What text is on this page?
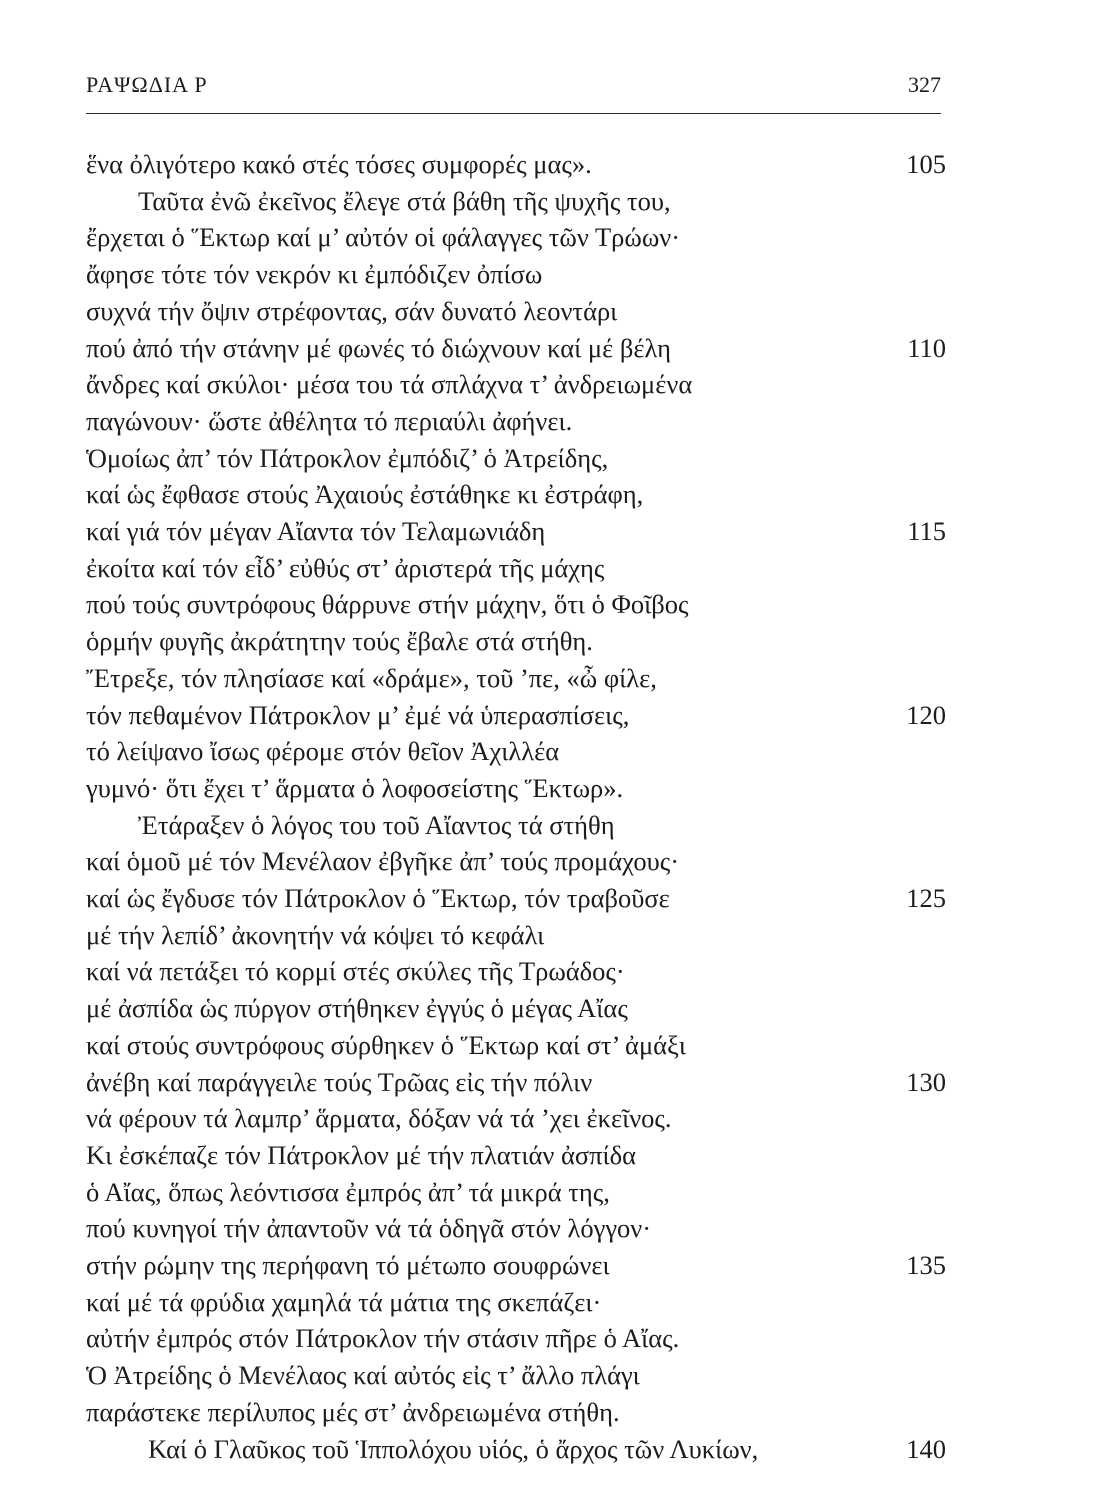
ΡΑΨΩΔΙΑ Ρ	327
ἕνα ὀλιγότερο κακό στές τόσες συμφορές μας».	105
Ταῦτα ἐνῶ ἐκεῖνος ἔλεγε στά βάθη τῆς ψυχῆς του,
ἔρχεται ὁ Ἕκτωρ καί μ’ αὐτόν οἱ φάλαγγες τῶν Τρώων·
ἄφησε τότε τόν νεκρόν κι ἐμπόδιζεν ὀπίσω
συχνά τήν ὄψιν στρέφοντας, σάν δυνατό λεοντάρι
πού ἀπό τήν στάνην μέ φωνές τό διώχνουν καί μέ βέλη	110
ἄνδρες καί σκύλοι· μέσα του τά σπλάχνα τ’ ἀνδρειωμένα
παγώνουν· ὥστε ἀθέλητα τό περιαύλι ἀφήνει.
Ὁμοίως ἀπ’ τόν Πάτροκλον ἐμπόδιζ’ ὁ Ἀτρείδης,
καί ὡς ἔφθασε στούς Ἀχαιούς ἐστάθηκε κι ἐστράφη,
καί γιά τόν μέγαν Αἴαντα τόν Τελαμωνιάδη	115
ἐκοίτα καί τόν εἶδ’ εὐθύς στ’ ἀριστερά τῆς μάχης
πού τούς συντρόφους θάρρυνε στήν μάχην, ὅτι ὁ Φοῖβος
ὁρμήν φυγῆς ἀκράτητην τούς ἔβαλε στά στήθη.
Ἔτρεξε, τόν πλησίασε καί «δράμε», τοῦ ’πε, «ὦ φίλε,
τόν πεθαμένον Πάτροκλον μ’ ἐμέ νά ὑπερασπίσεις,	120
τό λείψανο ἴσως φέρομε στόν θεῖον Ἀχιλλέα
γυμνό· ὅτι ἔχει τ’ ἅρματα ὁ λοφοσείστης Ἕκτωρ».
Ἐτάραξεν ὁ λόγος του τοῦ Αἴαντος τά στήθη
καί ὁμοῦ μέ τόν Μενέλαον ἐβγῆκε ἀπ’ τούς προμάχους·
καί ὡς ἔγδυσε τόν Πάτροκλον ὁ Ἕκτωρ, τόν τραβοῦσε	125
μέ τήν λεπίδ’ ἀκονητήν νά κόψει τό κεφάλι
καί νά πετάξει τό κορμί στές σκύλες τῆς Τρωάδος·
μέ ἀσπίδα ὡς πύργον στήθηκεν ἐγγύς ὁ μέγας Αἴας
καί στούς συντρόφους σύρθηκεν ὁ Ἕκτωρ καί στ’ ἀμάξι
ἀνέβη καί παράγγειλε τούς Τρῶας εἰς τήν πόλιν	130
νά φέρουν τά λαμπρ’ ἅρματα, δόξαν νά τά ’χει ἐκεῖνος.
Κι ἐσκέπαζε τόν Πάτροκλον μέ τήν πλατιάν ἀσπίδα
ὁ Αἴας, ὅπως λεόντισσα ἐμπρός ἀπ’ τά μικρά της,
πού κυνηγοί τήν ἀπαντοῦν νά τά ὁδηγᾶ στόν λόγγον·
στήν ρώμην της περήφανη τό μέτωπο σουφρώνει	135
καί μέ τά φρύδια χαμηλά τά μάτια της σκεπάζει·
αὐτήν ἐμπρός στόν Πάτροκλον τήν στάσιν πῆρε ὁ Αἴας.
Ὁ Ἀτρείδης ὁ Μενέλαος καί αὐτός εἰς τ’ ἄλλο πλάγι
παράστεκε περίλυπος μές στ’ ἀνδρειωμένα στήθη.
Καί ὁ Γλαῦκος τοῦ Ἱππολόχου υἱός, ὁ ἄρχος τῶν Λυκίων,	140
